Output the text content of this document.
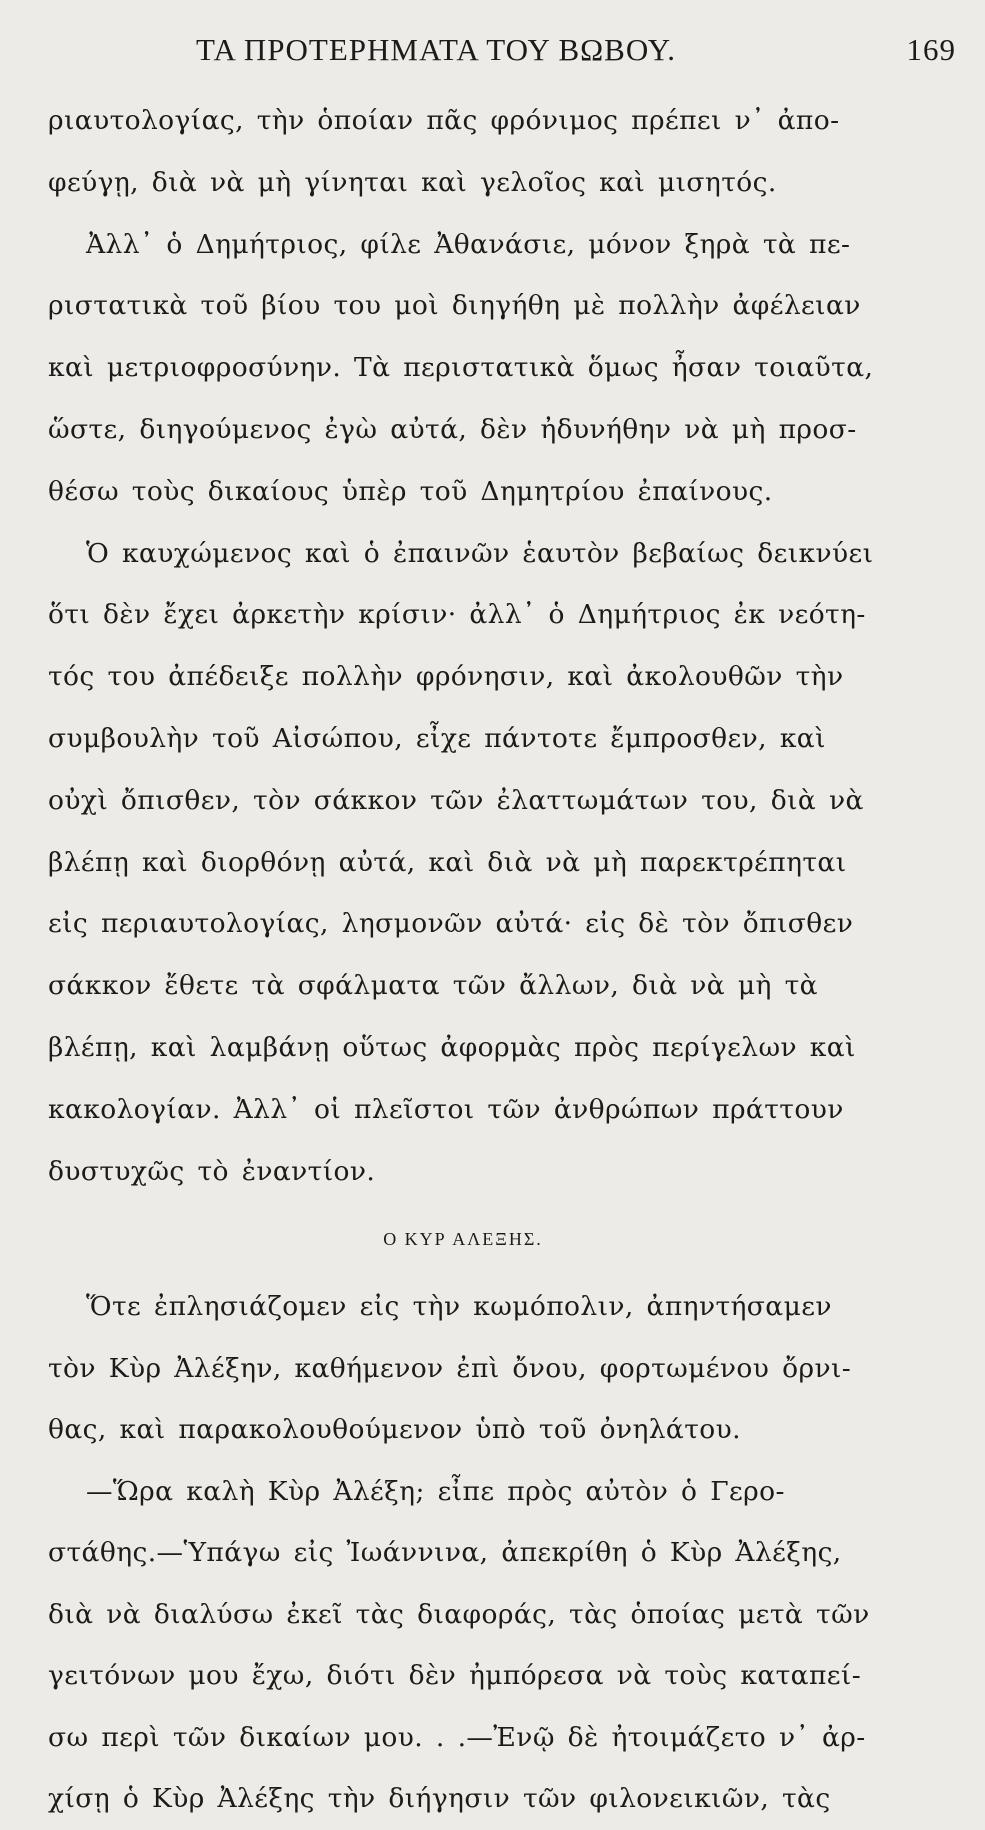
ΤΑ ΠΡΟΤΕΡΗΜΑΤΑ ΤΟΥ ΒΩΒΟΥ.	169
ριαυτολογίας, τὴν ὁποίαν πᾶς φρόνιμος πρέπει ν᾽ ἀπο-
φεύγῃ, διὰ νὰ μὴ γίνηται καὶ γελοῖος καὶ μισητός.
Ἀλλ᾽ ὁ Δημήτριος, φίλε Ἀθανάσιε, μόνον ξηρὰ τὰ πε-
ριστατικὰ τοῦ βίου του μοὶ διηγήθη μὲ πολλὴν ἀφέλειαν
καὶ μετριοφροσύνην. Τὰ περιστατικὰ ὅμως ἦσαν τοιαῦτα,
ὥστε, διηγούμενος ἐγὼ αὐτά, δὲν ἠδυνήθην νὰ μὴ προσ-
θέσω τοὺς δικαίους ὑπὲρ τοῦ Δημητρίου ἐπαίνους.
Ὁ καυχώμενος καὶ ὁ ἐπαινῶν ἑαυτὸν βεβαίως δεικνύει
ὅτι δὲν ἔχει ἀρκετὴν κρίσιν· ἀλλ᾽ ὁ Δημήτριος ἐκ νεότη-
τός του ἀπέδειξε πολλὴν φρόνησιν, καὶ ἀκολουθῶν τὴν
συμβουλὴν τοῦ Αἰσώπου, εἶχε πάντοτε ἔμπροσθεν, καὶ
οὐχὶ ὄπισθεν, τὸν σάκκον τῶν ἐλαττωμάτων του, διὰ νὰ
βλέπῃ καὶ διορθόνῃ αὐτά, καὶ διὰ νὰ μὴ παρεκτρέπηται
εἰς περιαυτολογίας, λησμονῶν αὐτά· εἰς δὲ τὸν ὄπισθεν
σάκκον ἔθετε τὰ σφάλματα τῶν ἄλλων, διὰ νὰ μὴ τὰ
βλέπῃ, καὶ λαμβάνῃ οὕτως ἀφορμὰς πρὸς περίγελων καὶ
κακολογίαν. Ἀλλ᾽ οἱ πλεῖστοι τῶν ἀνθρώπων πράττουν
δυστυχῶς τὸ ἐναντίον.
Ο ΚΥΡ ΑΛΕΞΗΣ.
Ὅτε ἐπλησιάζομεν εἰς τὴν κωμόπολιν, ἀπηντήσαμεν
τὸν Κὺρ Ἀλέξην, καθήμενον ἐπὶ ὄνου, φορτωμένου ὄρνι-
θας, καὶ παρακολουθούμενον ὑπὸ τοῦ ὀνηλάτου.
—Ὥρα καλὴ Κὺρ Ἀλέξη; εἶπε πρὸς αὐτὸν ὁ Γερο-
στάθης.—Ὑπάγω εἰς Ἰωάννινα, ἀπεκρίθη ὁ Κὺρ Ἀλέξης,
διὰ νὰ διαλύσω ἐκεῖ τὰς διαφοράς, τὰς ὁποίας μετὰ τῶν
γειτόνων μου ἔχω, διότι δὲν ἠμπόρεσα νὰ τοὺς καταπεί-
σω περὶ τῶν δικαίων μου. . .—Ἐνῷ δὲ ἠτοιμάζετο ν᾽ ἀρ-
χίσῃ ὁ Κὺρ Ἀλέξης τὴν διήγησιν τῶν φιλονεικιῶν, τὰς
